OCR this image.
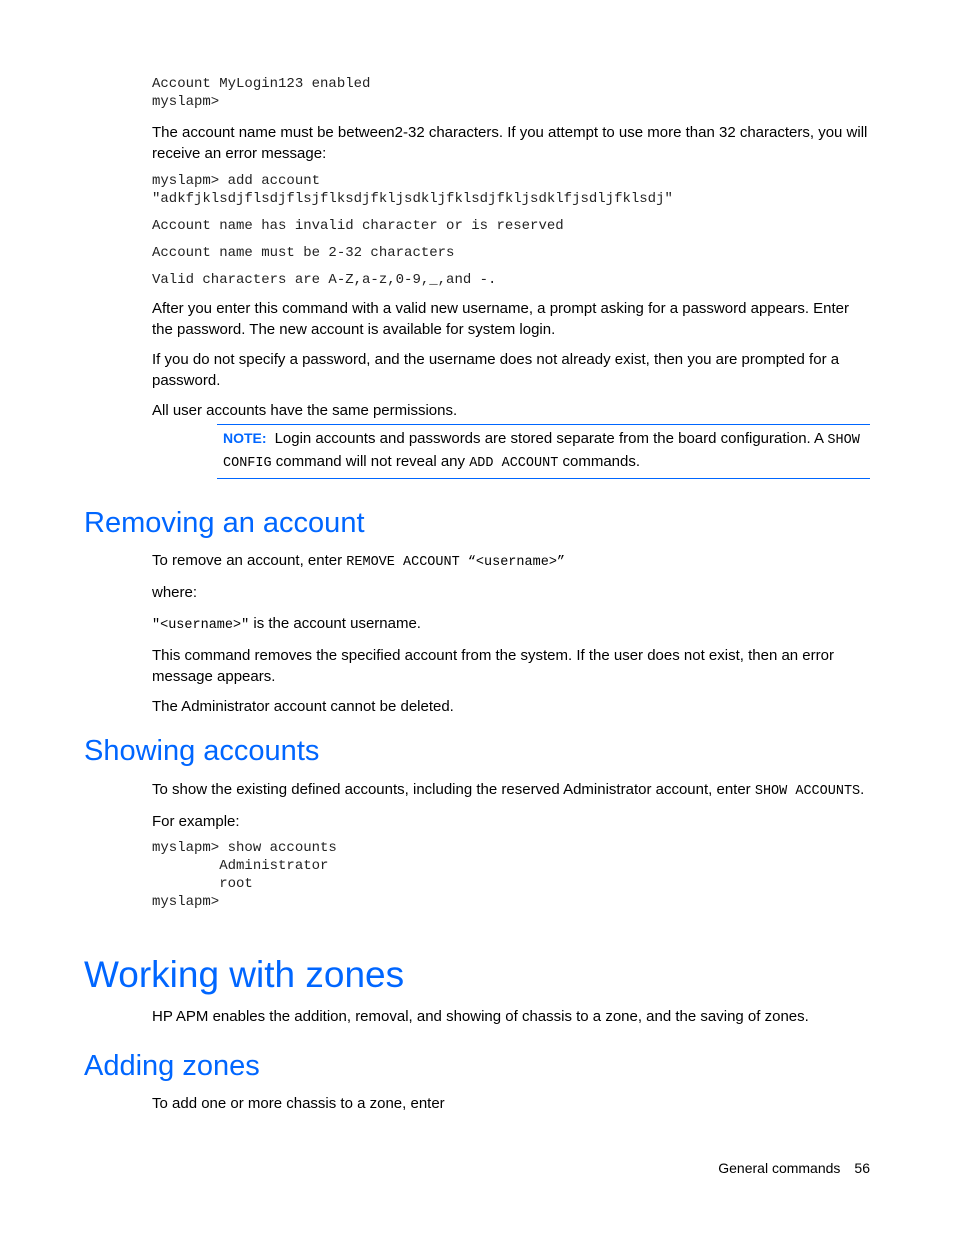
Account MyLogin123 enabled
myslapm>

The account name must be between2-32 characters. If you attempt to use more than 32 characters, you will receive an error message:

myslapm> add account
"adkfjklsdjflsdjflsjflksdjfkljsdkljfklsdjfkljsdklfjsdljfklsdj"
Account name has invalid character or is reserved
Account name must be 2-32 characters
Valid characters are A-Z,a-z,0-9,_,and -.

After you enter this command with a valid new username, a prompt asking for a password appears. Enter the password. The new account is available for system login.

If you do not specify a password, and the username does not already exist, then you are prompted for a password.

All user accounts have the same permissions.

NOTE: Login accounts and passwords are stored separate from the board configuration. A SHOW CONFIG command will not reveal any ADD ACCOUNT commands.

Removing an account

To remove an account, enter REMOVE ACCOUNT “<username>”

where:

"<username>" is the account username.

This command removes the specified account from the system. If the user does not exist, then an error message appears.

The Administrator account cannot be deleted.

Showing accounts

To show the existing defined accounts, including the reserved Administrator account, enter SHOW ACCOUNTS.

For example:

myslapm> show accounts
Administrator
root
myslapm>
Working with zones

HP APM enables the addition, removal, and showing of chassis to a zone, and the saving of zones.

Adding zones

To add one or more chassis to a zone, enter

General commands 56
